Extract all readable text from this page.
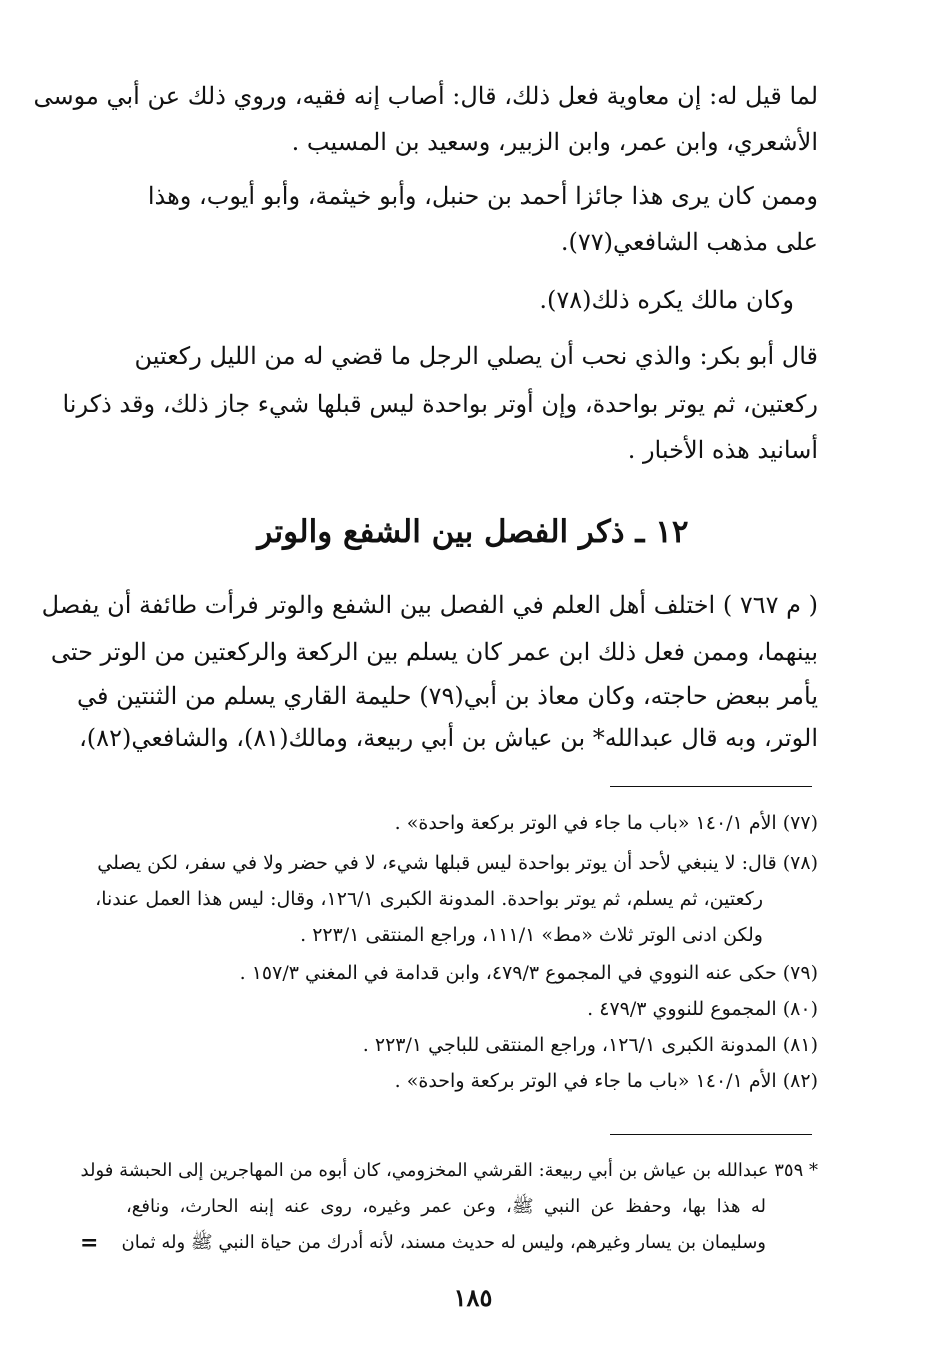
لما قيل له: إن معاوية فعل ذلك، قال: أصاب إنه فقيه، وروي ذلك عن أبي موسى
الأشعري، وابن عمر، وابن الزبير، وسعيد بن المسيب .
وممن كان يرى هذا جائزا أحمد بن حنبل، وأبو خيثمة، وأبو أيوب، وهذا
على مذهب الشافعي(٧٧).
وكان مالك يكره ذلك(٧٨).
قال أبو بكر: والذي نحب أن يصلي الرجل ما قضي له من الليل ركعتين
ركعتين، ثم يوتر بواحدة، وإن أوتر بواحدة ليس قبلها شيء جاز ذلك، وقد ذكرنا
أسانيد هذه الأخبار .
١٢ ـ ذكر الفصل بين الشفع والوتر
( م ٧٦٧ ) اختلف أهل العلم في الفصل بين الشفع والوتر فرأت طائفة أن يفصل
بينهما، وممن فعل ذلك ابن عمر كان يسلم بين الركعة والركعتين من الوتر حتى
يأمر ببعض حاجته، وكان معاذ بن أبي(٧٩) حليمة القاري يسلم من الثنتين في
الوتر، وبه قال عبدالله* بن عياش بن أبي ربيعة، ومالك(٨١)، والشافعي(٨٢)،
(٧٧) الأم ١٤٠/١ «باب ما جاء في الوتر بركعة واحدة» .
(٧٨) قال: لا ينبغي لأحد أن يوتر بواحدة ليس قبلها شيء، لا في حضر ولا في سفر، لكن يصلي
ركعتين، ثم يسلم، ثم يوتر بواحدة. المدونة الكبرى ١٢٦/١، وقال: ليس هذا العمل عندنا،
ولكن ادنى الوتر ثلاث «مط» ١١١/١، وراجع المنتقى ٢٢٣/١ .
(٧٩) حكى عنه النووي في المجموع ٤٧٩/٣، وابن قدامة في المغني ١٥٧/٣ .
(٨٠) المجموع للنووي ٤٧٩/٣ .
(٨١) المدونة الكبرى ١٢٦/١، وراجع المنتقى للباجي ٢٢٣/١ .
(٨٢) الأم ١٤٠/١ «باب ما جاء في الوتر بركعة واحدة» .
* ٣٥٩ عبدالله بن عياش بن أبي ربيعة: القرشي المخزومي، كان أبوه من المهاجرين إلى الحبشة فولد
له هذا بها، وحفظ عن النبي ﷺ، وعن عمر وغيره، روى عنه إبنه الحارث، ونافع،
وسليمان بن يسار وغيرهم، وليس له حديث مسند، لأنه أدرك من حياة النبي ﷺ وله ثمان
=
١٨٥
